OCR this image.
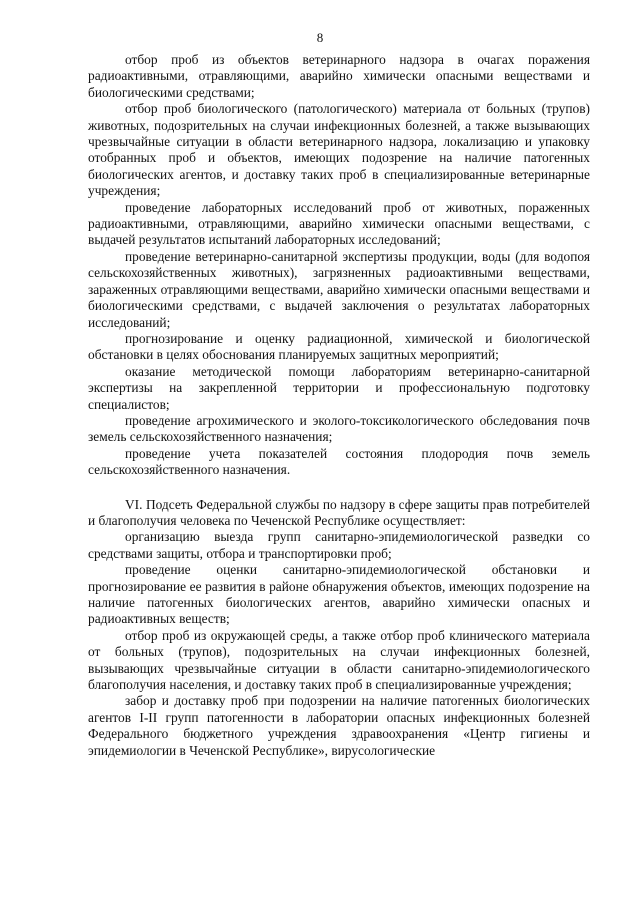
8

отбор проб из объектов ветеринарного надзора в очагах поражения радиоактивными, отравляющими, аварийно химически опасными веществами и биологическими средствами;

отбор проб биологического (патологического) материала от больных (трупов) животных, подозрительных на случаи инфекционных болезней, а также вызывающих чрезвычайные ситуации в области ветеринарного надзора, локализацию и упаковку отобранных проб и объектов, имеющих подозрение на наличие патогенных биологических агентов, и доставку таких проб в специализированные ветеринарные учреждения;

проведение лабораторных исследований проб от животных, пораженных радиоактивными, отравляющими, аварийно химически опасными веществами, с выдачей результатов испытаний лабораторных исследований;

проведение ветеринарно-санитарной экспертизы продукции, воды (для водопоя сельскохозяйственных животных), загрязненных радиоактивными веществами, зараженных отравляющими веществами, аварийно химически опасными веществами и биологическими средствами, с выдачей заключения о результатах лабораторных исследований;

прогнозирование и оценку радиационной, химической и биологической обстановки в целях обоснования планируемых защитных мероприятий;

оказание методической помощи лабораториям ветеринарно-санитарной экспертизы на закрепленной территории и профессиональную подготовку специалистов;

проведение агрохимического и эколого-токсикологического обследования почв земель сельскохозяйственного назначения;

проведение учета показателей состояния плодородия почв земель сельскохозяйственного назначения.

VI. Подсеть Федеральной службы по надзору в сфере защиты прав потребителей и благополучия человека по Чеченской Республике осуществляет:

организацию выезда групп санитарно-эпидемиологической разведки со средствами защиты, отбора и транспортировки проб;

проведение оценки санитарно-эпидемиологической обстановки и прогнозирование ее развития в районе обнаружения объектов, имеющих подозрение на наличие патогенных биологических агентов, аварийно химически опасных и радиоактивных веществ;

отбор проб из окружающей среды, а также отбор проб клинического материала от больных (трупов), подозрительных на случаи инфекционных болезней, вызывающих чрезвычайные ситуации в области санитарно-эпидемиологического благополучия населения, и доставку таких проб в специализированные учреждения;

забор и доставку проб при подозрении на наличие патогенных биологических агентов I-II групп патогенности в лаборатории опасных инфекционных болезней Федерального бюджетного учреждения здравоохранения «Центр гигиены и эпидемиологии в Чеченской Республике», вирусологические
